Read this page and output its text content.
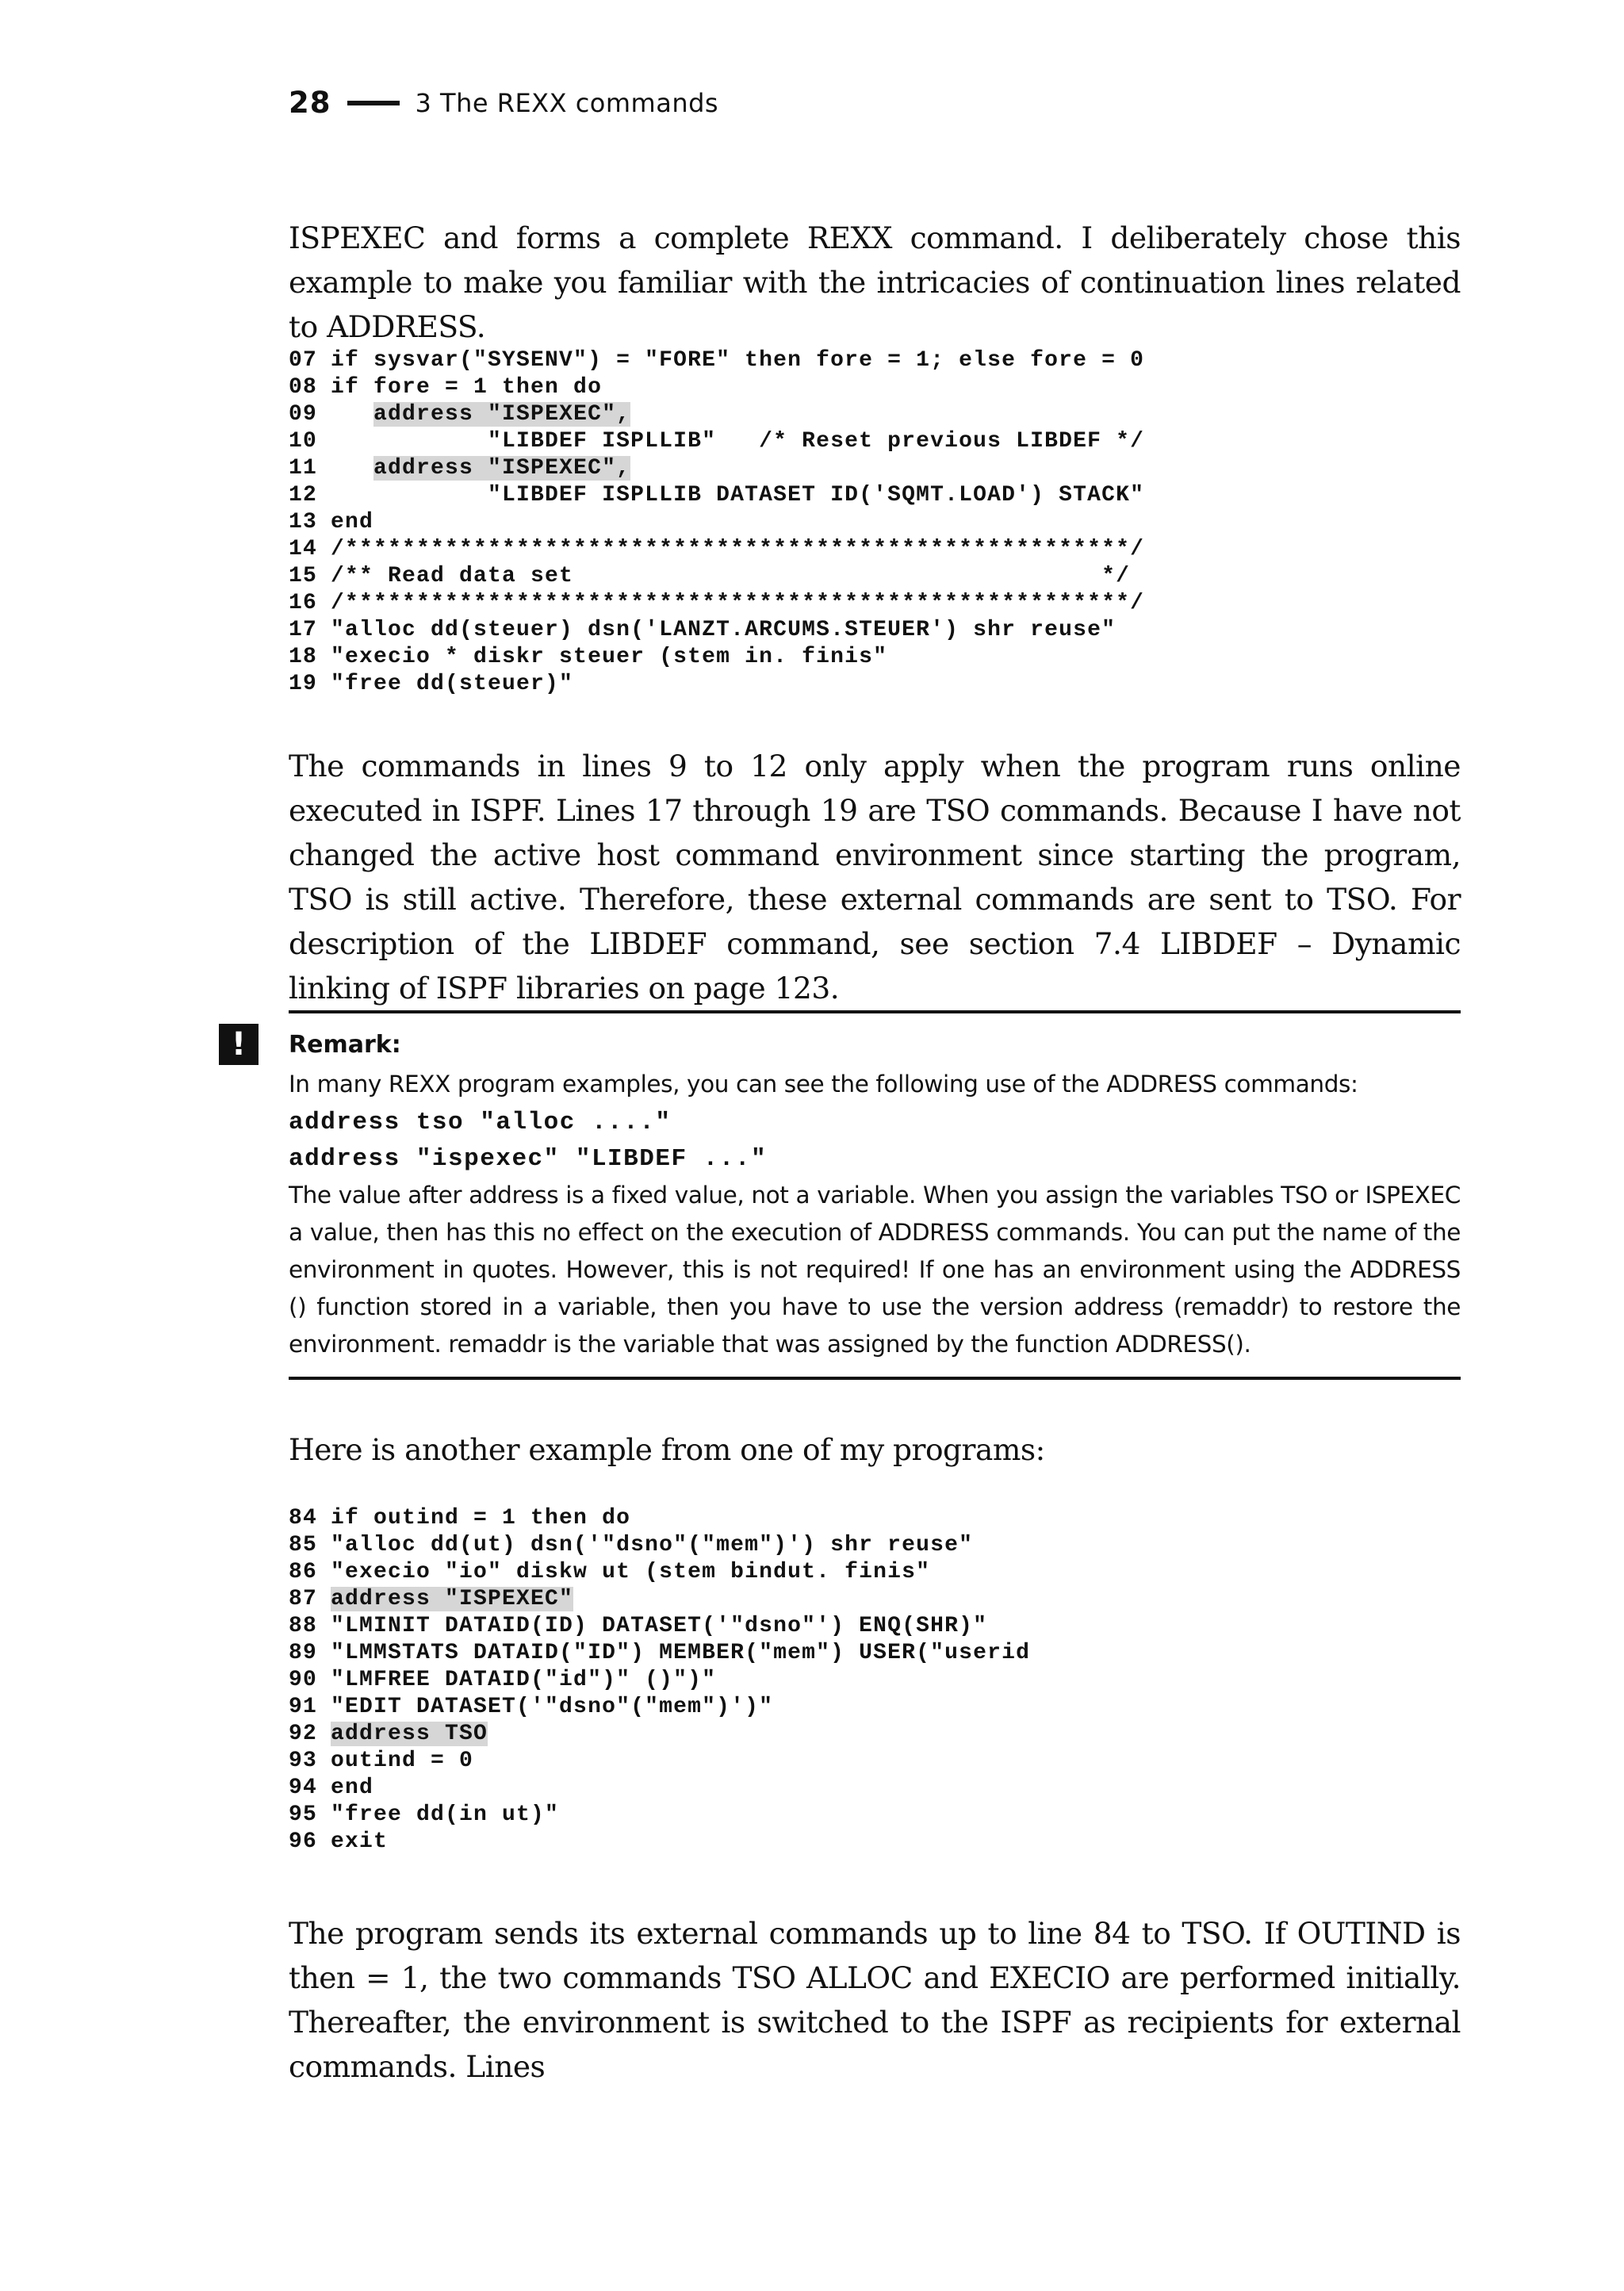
28	3 The REXX commands

ISPEXEC and forms a complete REXX command. I deliberately chose this example to make you familiar with the intricacies of continuation lines related to ADDRESS.

07 if sysvar("SYSENV") = "FORE" then fore = 1; else fore = 0
08 if fore = 1 then do
09	address "ISPEXEC",
10           "LIBDEF ISPLLIB"   /* Reset previous LIBDEF */
11	address "ISPEXEC",
12           "LIBDEF ISPLLIB DATASET ID('SQMT.LOAD') STACK"
13 end
14 /*******************************************************/
15 /** Read data set                                     */
16 /*******************************************************/
17 "alloc dd(steuer) dsn('LANZT.ARCUMS.STEUER') shr reuse"
18 "execio * diskr steuer (stem in. finis"
19 "free dd(steuer)"

The commands in lines 9 to 12 only apply when the program runs online executed in ISPF. Lines 17 through 19 are TSO commands. Because I have not changed the active host command environment since starting the program, TSO is still active. Therefore, these external commands are sent to TSO. For description of the LIBDEF command, see section 7.4 LIBDEF – Dynamic linking of ISPF libraries on page 123.

!	Remark:

In many REXX program examples, you can see the following use of the ADDRESS commands:

address tso "alloc ...."
address "ispexec" "LIBDEF ..."

The value after address is a fixed value, not a variable. When you assign the variables TSO or ISPEXEC a value, then has this no effect on the execution of ADDRESS commands. You can put the name of the environment in quotes. However, this is not required! If one has an environment using the ADDRESS () function stored in a variable, then you have to use the version address (remaddr) to restore the environment. remaddr is the variable that was assigned by the function ADDRESS().

Here is another example from one of my programs:

84 if outind = 1 then do
85 "alloc dd(ut) dsn('"dsno"("mem")') shr reuse"
86 "execio "io" diskw ut (stem bindut. finis"
87 address "ISPEXEC"
88 "LMINIT DATAID(ID) DATASET('"dsno"') ENQ(SHR)"
89 "LMMSTATS DATAID("ID") MEMBER("mem") USER("userid
90 "LMFREE DATAID("id")" ()")"
91 "EDIT DATASET('"dsno"("mem")')"
92 address TSO
93 outind = 0
94 end
95 "free dd(in ut)"
96 exit

The program sends its external commands up to line 84 to TSO. If OUTIND is then = 1, the two commands TSO ALLOC and EXECIO are performed initially. Thereafter, the environment is switched to the ISPF as recipients for external commands. Lines
